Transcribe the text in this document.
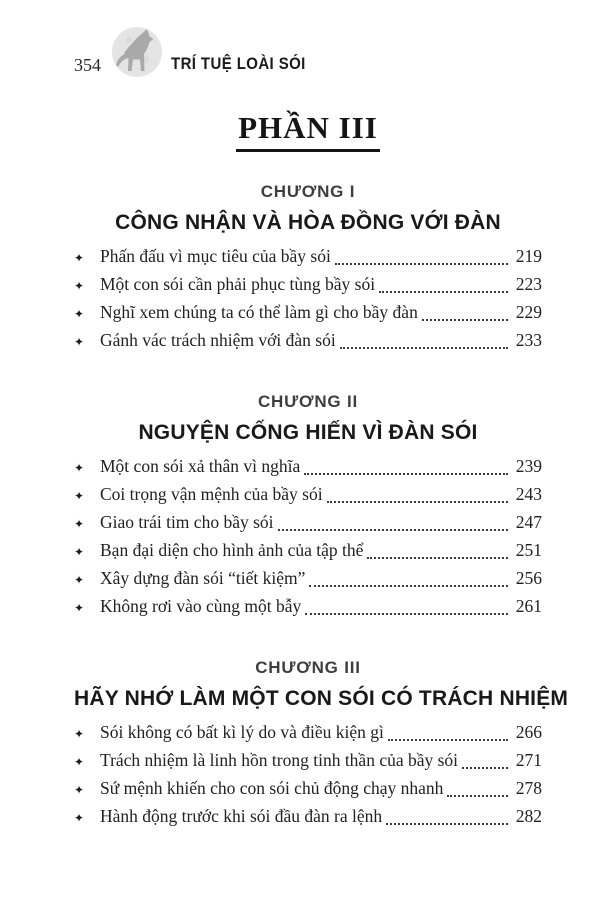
354	TRÍ TUỆ LOÀI SÓI
PHẦN III
CHƯƠNG I
CÔNG NHẬN VÀ HÒA ĐỒNG VỚI ĐÀN
✦ Phấn đấu vì mục tiêu của bầy sói	219
✦ Một con sói cần phải phục tùng bầy sói	223
✦ Nghĩ xem chúng ta có thể làm gì cho bầy đàn	229
✦ Gánh vác trách nhiệm với đàn sói	233
CHƯƠNG II
NGUYỆN CỐNG HIẾN VÌ ĐÀN SÓI
✦ Một con sói xả thân vì nghĩa	239
✦ Coi trọng vận mệnh của bầy sói	243
✦ Giao trái tim cho bầy sói	247
✦ Bạn đại diện cho hình ảnh của tập thể	251
✦ Xây dựng đàn sói “tiết kiệm”	256
✦ Không rơi vào cùng một bẫy	261
CHƯƠNG III
HÃY NHỚ LÀM MỘT CON SÓI CÓ TRÁCH NHIỆM
✦ Sói không có bất kì lý do và điều kiện gì	266
✦ Trách nhiệm là linh hồn trong tinh thần của bầy sói	271
✦ Sứ mệnh khiến cho con sói chủ động chạy nhanh	278
✦ Hành động trước khi sói đầu đàn ra lệnh	282
